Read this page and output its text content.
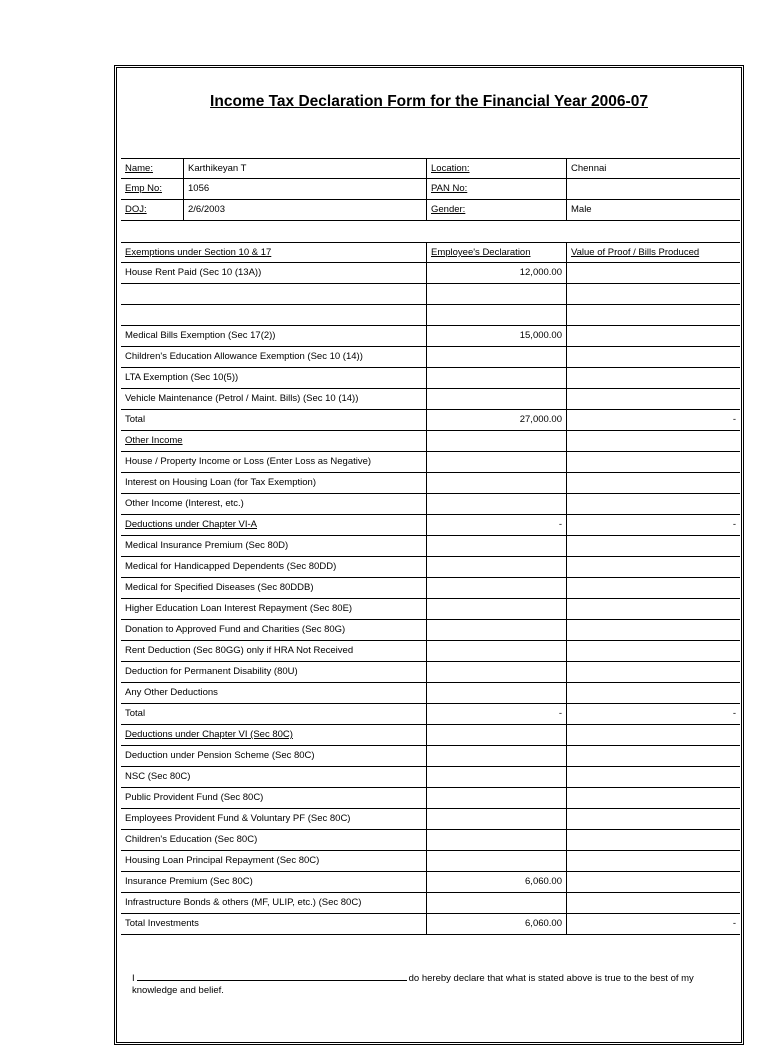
Income Tax Declaration Form for the Financial Year 2006-07
Name:	Karthikeyan T	Location:	Chennai
Emp No:	1056	PAN No:
DOJ:	2/6/2003	Gender:	Male
Exemptions under Section 10 & 17	Employee's Declaration	Value of Proof / Bills Produced
House Rent Paid (Sec 10 (13A))	12,000.00
Medical Bills Exemption (Sec 17(2))	15,000.00
Children's Education Allowance Exemption (Sec 10 (14))
LTA Exemption (Sec 10(5))
Vehicle Maintenance (Petrol / Maint. Bills) (Sec 10 (14))
Total	27,000.00	-
Other Income
House / Property Income or Loss (Enter Loss as Negative)
Interest on Housing Loan (for Tax Exemption)
Other Income (Interest, etc.)
Deductions under Chapter VI-A	-	-
Medical Insurance Premium (Sec 80D)
Medical for Handicapped Dependents (Sec 80DD)
Medical for Specified Diseases (Sec 80DDB)
Higher Education Loan Interest Repayment (Sec 80E)
Donation to Approved Fund and Charities (Sec 80G)
Rent Deduction (Sec 80GG) only if HRA Not Received
Deduction for Permanent Disability (80U)
Any Other Deductions
Total	-	-
Deductions under Chapter VI (Sec 80C)
Deduction under Pension Scheme (Sec 80C)
NSC (Sec 80C)
Public Provident Fund (Sec 80C)
Employees Provident Fund & Voluntary PF (Sec 80C)
Children's Education (Sec 80C)
Housing Loan Principal Repayment (Sec 80C)
Insurance Premium (Sec 80C)	6,060.00
Infrastructure Bonds & others (MF, ULIP, etc.) (Sec 80C)
Total Investments	6,060.00	-
I	do hereby declare that what is stated above is true to the best of my knowledge and belief.
